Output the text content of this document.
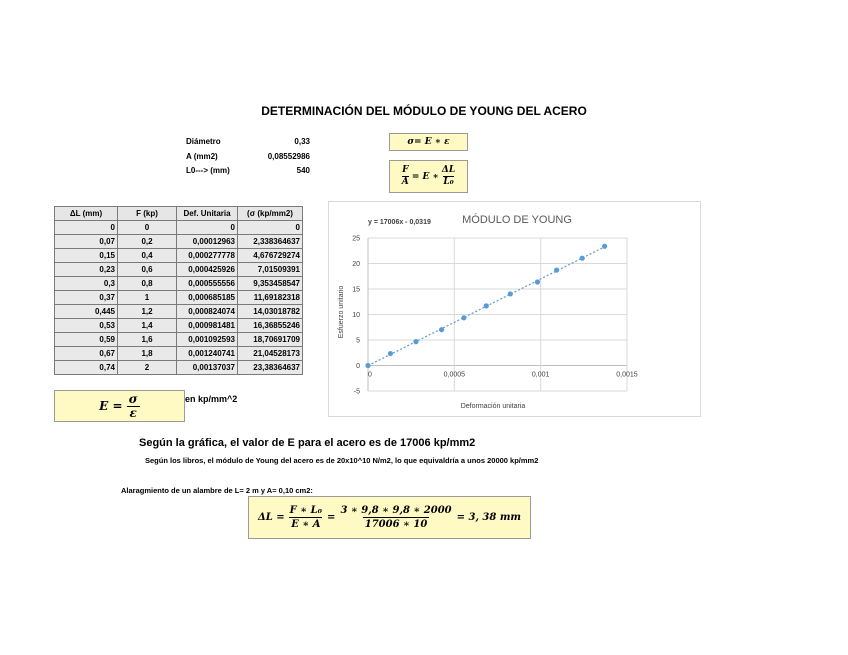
DETERMINACIÓN DEL MÓDULO DE YOUNG DEL ACERO
Diámetro	0,33
A (mm2)	0,08552986
L0---> (mm)	540
σ= E ∗ ε
$\frac{F}{A} = E$ ∗ $\frac{\Delta L}{\text{L₀}}$
ΔL (mm)	F (kp)	Def. Unitaria	(σ (kp/mm2)
0	0	0	0
0,07	0,2	0,00012963	2,338364637
0,15	0,4	0,000277778	4,676729274
0,23	0,6	0,000425926	7,01509391
0,3	0,8	0,000555556	9,353458547
0,37	1	0,000685185	11,69182318
0,445	1,2	0,000824074	14,03018782
0,53	1,4	0,000981481	16,36855246
0,59	1,6	0,001092593	18,70691709
0,67	1,8	0,001240741	21,04528173
0,74	2	0,00137037	23,38364637
$E = \frac{\sigma}{\varepsilon}$	en kp/mm^2
-5
0
5
10
15
20
25
0	0,0005	0,001	0,0015
y = 17006x - 0,0319	MÓDULO DE YOUNG
Deformación unitaria
Esfuerzo unitario
Según la gráfica, el valor de E para el acero es de 17006 kp/mm2
Según los libros, el módulo de Young del acero es de 20x10^10 N/m2, lo que equivaldría a unos 20000 kp/mm2
Alaragmiento de un alambre de L= 2 m y A= 0,10 cm2:
$\Delta L = \frac{\text{F ∗ L₀}}{E ∗ A} = \frac{3 ∗ 9,8 ∗ 9,8 ∗ 2000}{17006 ∗ 10} = 3$, 38 mm
